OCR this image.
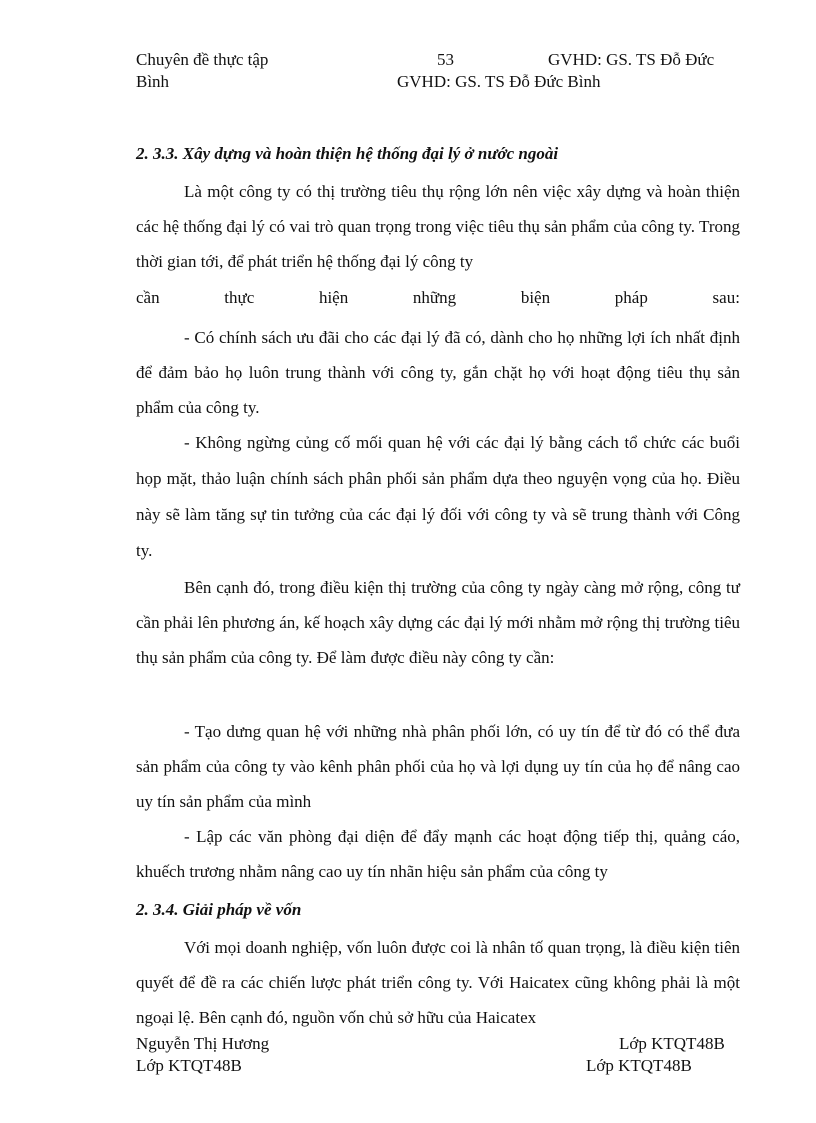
Chuyên đề thực tập	53	GVHD: GS. TS Đỗ Đức
Bình	GVHD: GS. TS Đỗ Đức Bình
2. 3.3. Xây dựng và hoàn thiện hệ thống đại lý ở nước ngoài

Là một công ty có thị trường tiêu thụ rộng lớn nên việc xây dựng và hoàn thiện các hệ thống đại lý có vai trò quan trọng trong việc tiêu thụ sản phẩm của công ty. Trong thời gian tới, để phát triển hệ thống đại lý công ty

cần	thực	hiện	những	biện	pháp	sau:

- Có chính sách ưu đãi cho các đại lý đã có, dành cho họ những lợi ích nhất định để đảm bảo họ luôn trung thành với công ty, gắn chặt họ với hoạt động tiêu thụ sản phẩm của công ty.

- Không ngừng củng cố mối quan hệ với các đại lý bằng cách tổ chức các buổi họp mặt, thảo luận chính sách phân phối sản phẩm dựa theo nguyện vọng của họ. Điều này sẽ làm tăng sự tin tưởng của các đại lý đối với công ty và sẽ trung thành với Công ty.

Bên cạnh đó, trong điều kiện thị trường của công ty ngày càng mở rộng, công tư cần phải lên phương án, kế hoạch xây dựng các đại lý mới nhằm mở rộng thị trường tiêu thụ sản phẩm của công ty. Để làm được điều này công ty cần:

- Tạo dưng quan hệ với những nhà phân phối lớn, có uy tín để từ đó có thể đưa sản phẩm của công ty vào kênh phân phối của họ và lợi dụng uy tín của họ để nâng cao uy tín sản phẩm của mình

- Lập các văn phòng đại diện để đẩy mạnh các hoạt động tiếp thị, quảng cáo, khuếch trương nhằm nâng cao uy tín nhãn hiệu sản phẩm của công ty

2. 3.4. Giải pháp về vốn

Với mọi doanh nghiệp, vốn luôn được coi là nhân tố quan trọng, là điều kiện tiên quyết để đề ra các chiến lược phát triển công ty. Với Haicatex cũng không phải là một ngoại lệ. Bên cạnh đó, nguồn vốn chủ sở hữu của Haicatex

Nguyễn Thị Hương	Lớp KTQT48B
Lớp KTQT48B	Lớp KTQT48B
